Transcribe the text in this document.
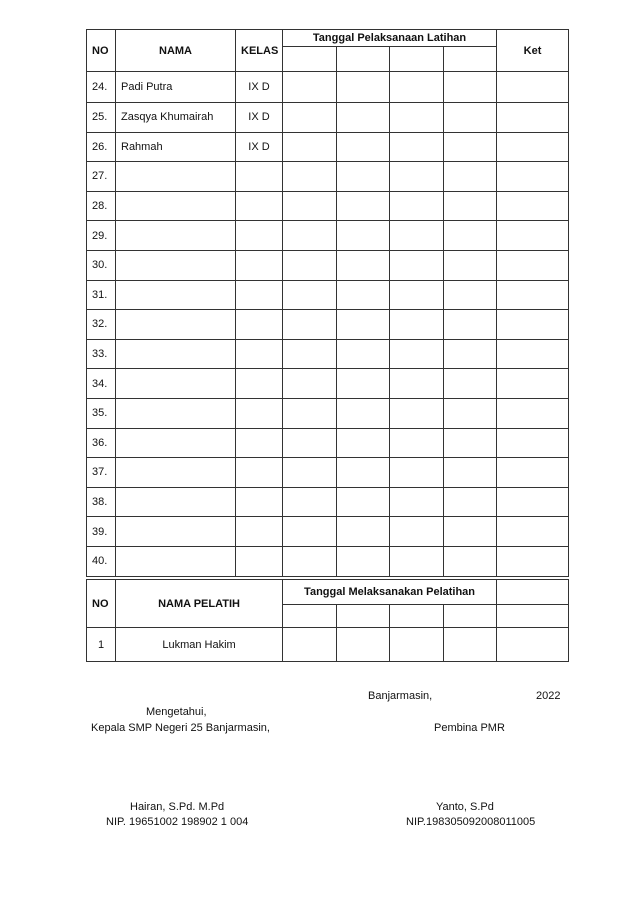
NO	NAMA	KELAS	Tanggal Pelaksanaan Latihan				Ket

24.	Padi Putra	IX D					
25.	Zasqya Khumairah	IX D					
26.	Rahmah	IX D					
27.							
28.							
29.							
30.							
31.							
32.							
33.							
34.							
35.							
36.							
37.							
38.							
39.							
40.							
NO	NAMA PELATIH	Tanggal Melaksanakan Pelatihan				

1	Lukman Hakim					
Banjarmasin,	2022
Mengetahui,
Kepala SMP Negeri 25 Banjarmasin,	Pembina PMR
Hairan, S.Pd. M.Pd
NIP. 19651002 198902 1 004
Yanto, S.Pd
NIP.198305092008011005
